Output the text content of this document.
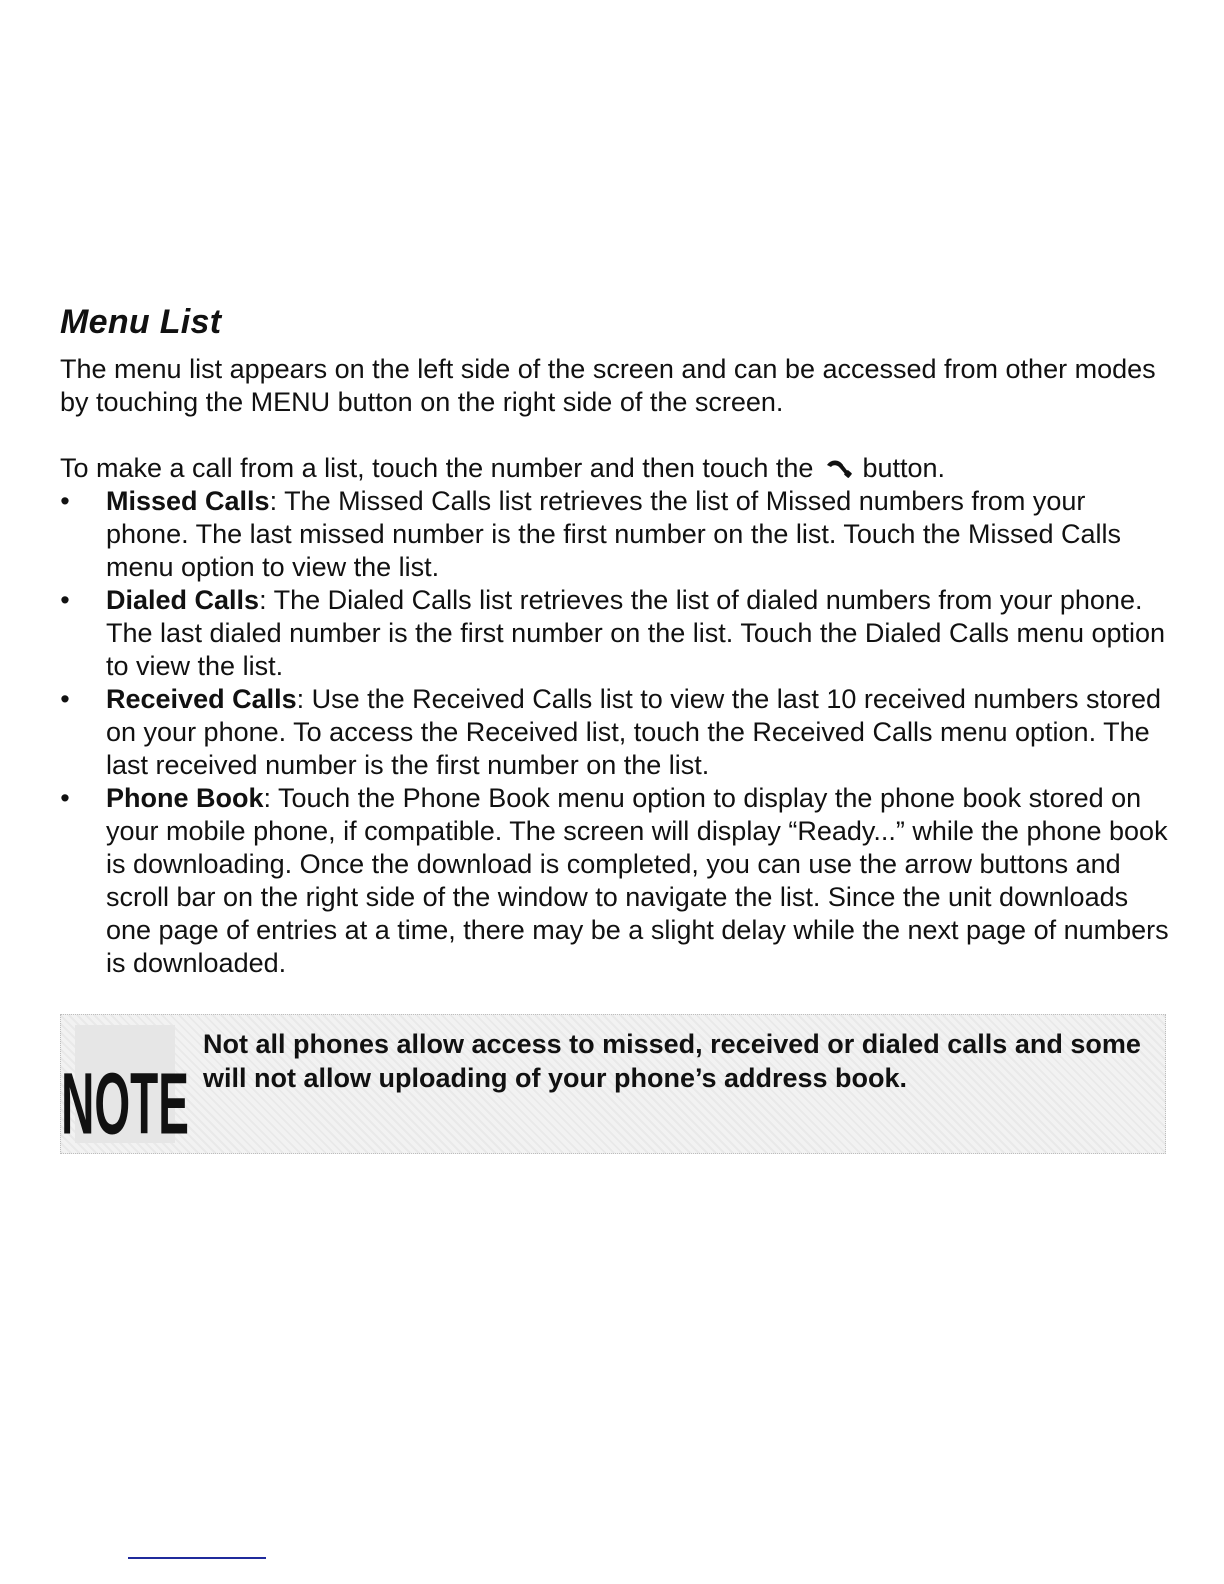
Menu List

The menu list appears on the left side of the screen and can be accessed from other modes by touching the MENU button on the right side of the screen.

To make a call from a list, touch the number and then touch the button.

• Missed Calls: The Missed Calls list retrieves the list of Missed numbers from your phone. The last missed number is the first number on the list. Touch the Missed Calls menu option to view the list.
• Dialed Calls: The Dialed Calls list retrieves the list of dialed numbers from your phone. The last dialed number is the first number on the list. Touch the Dialed Calls menu option to view the list.
• Received Calls: Use the Received Calls list to view the last 10 received numbers stored on your phone. To access the Received list, touch the Received Calls menu option. The last received number is the first number on the list.
• Phone Book: Touch the Phone Book menu option to display the phone book stored on your mobile phone, if compatible. The screen will display “Ready...” while the phone book is downloading. Once the download is completed, you can use the arrow buttons and scroll bar on the right side of the window to navigate the list. Since the unit downloads one page of entries at a time, there may be a slight delay while the next page of numbers is downloaded.
NOTE

Not all phones allow access to missed, received or dialed calls and some will not allow uploading of your phone’s address book.
